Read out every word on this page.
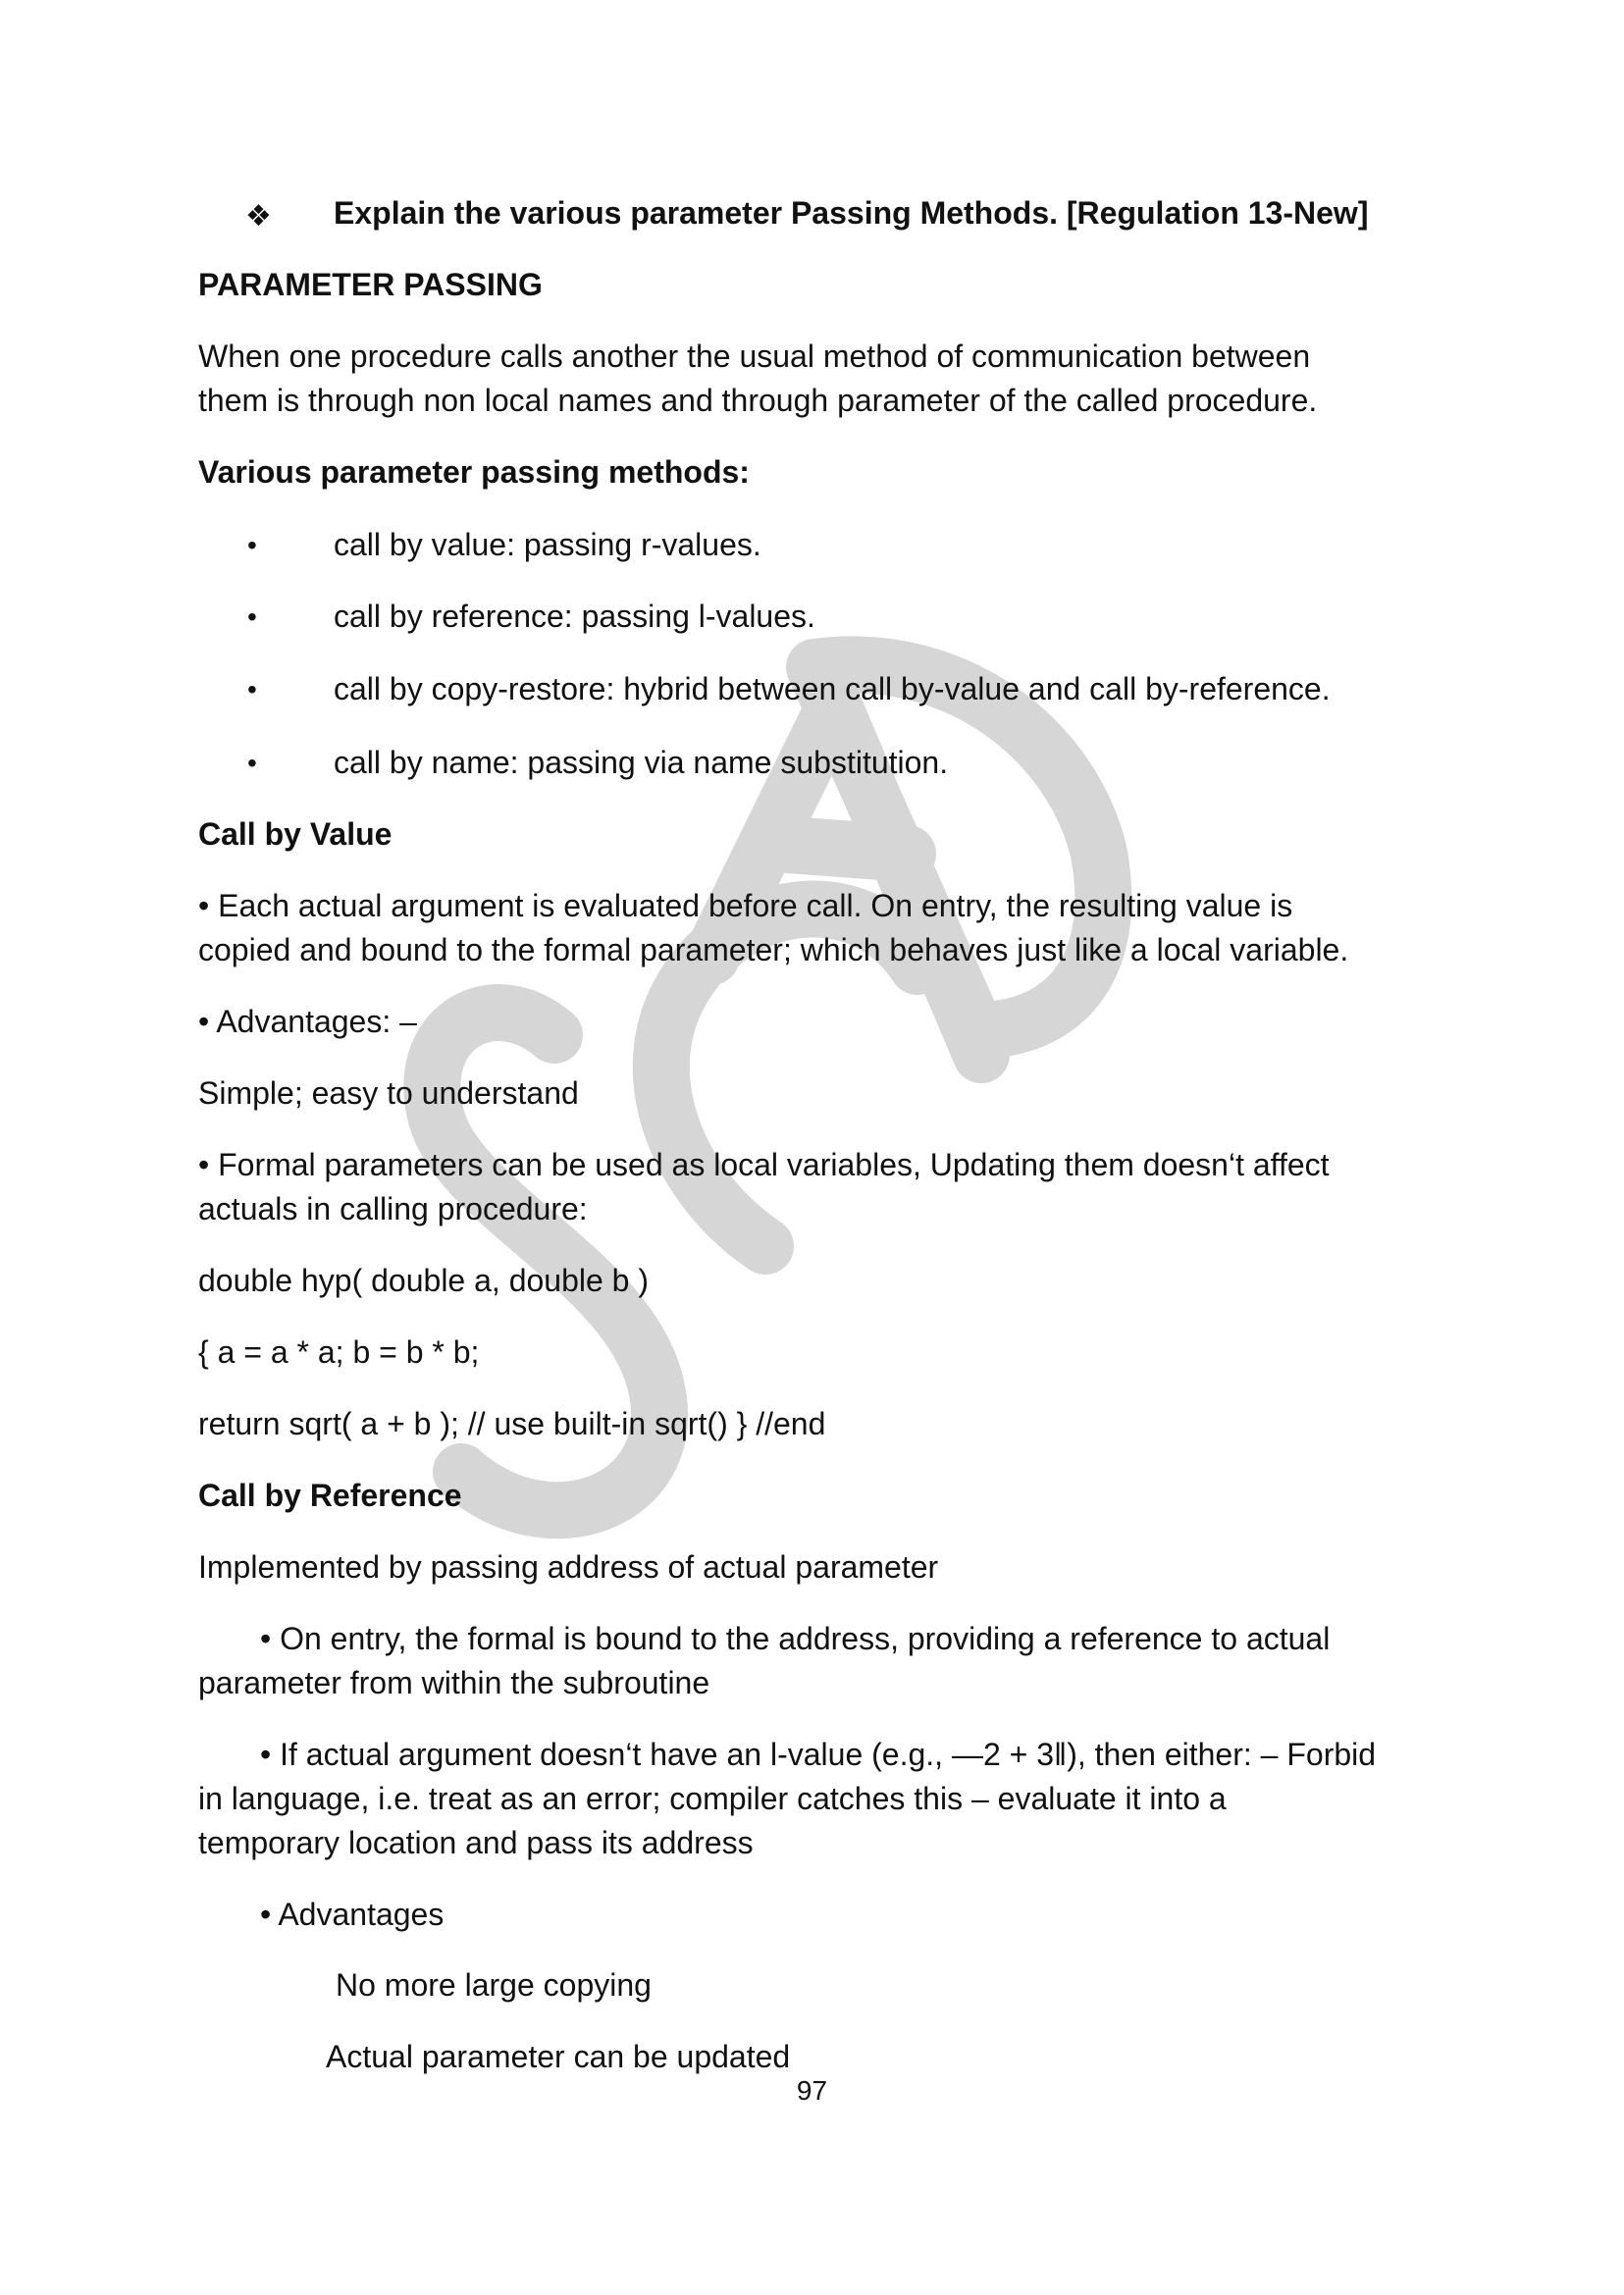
❖ Explain the various parameter Passing Methods. [Regulation 13-New]
PARAMETER PASSING
When one procedure calls another the usual method of communication between
them is through non local names and through parameter of the called procedure.
Various parameter passing methods:
• call by value: passing r-values.
• call by reference: passing l-values.
• call by copy-restore: hybrid between call by-value and call by-reference.
• call by name: passing via name substitution.
Call by Value
• Each actual argument is evaluated before call. On entry, the resulting value is
copied and bound to the formal parameter; which behaves just like a local variable.
• Advantages: –
Simple; easy to understand
• Formal parameters can be used as local variables, Updating them doesn‘t affect
actuals in calling procedure:
double hyp( double a, double b )
{ a = a * a; b = b * b;
return sqrt( a + b ); // use built-in sqrt() } //end
Call by Reference
Implemented by passing address of actual parameter
• On entry, the formal is bound to the address, providing a reference to actual
parameter from within the subroutine
• If actual argument doesn‘t have an l-value (e.g., ―2 + 3‖), then either: – Forbid
in language, i.e. treat as an error; compiler catches this – evaluate it into a
temporary location and pass its address
• Advantages
No more large copying
Actual parameter can be updated
97
